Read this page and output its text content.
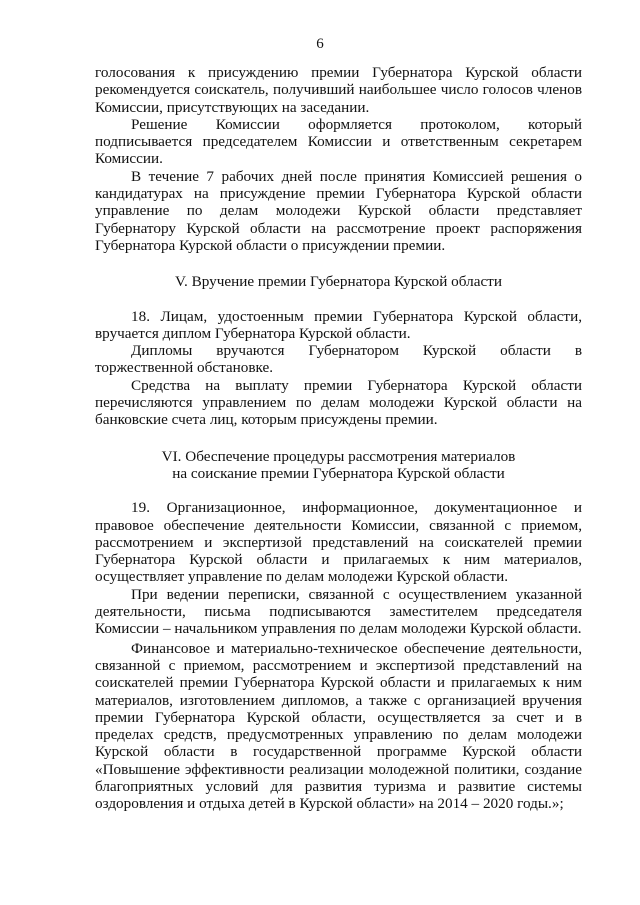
6

голосования к присуждению премии Губернатора Курской области рекомендуется соискатель, получивший наибольшее число голосов членов Комиссии, присутствующих на заседании.

Решение Комиссии оформляется протоколом, который подписывается председателем Комиссии и ответственным секретарем Комиссии.

В течение 7 рабочих дней после принятия Комиссией решения о кандидатурах на присуждение премии Губернатора Курской области управление по делам молодежи Курской области представляет Губернатору Курской области на рассмотрение проект распоряжения Губернатора Курской области о присуждении премии.

V. Вручение премии Губернатора Курской области

18. Лицам, удостоенным премии Губернатора Курской области, вручается диплом Губернатора Курской области.

Дипломы вручаются Губернатором Курской области в торжественной обстановке.

Средства на выплату премии Губернатора Курской области перечисляются управлением по делам молодежи Курской области на банковские счета лиц, которым присуждены премии.

VI. Обеспечение процедуры рассмотрения материалов

на соискание премии Губернатора Курской области

19. Организационное, информационное, документационное и правовое обеспечение деятельности Комиссии, связанной с приемом, рассмотрением и экспертизой представлений на соискателей премии Губернатора Курской области и прилагаемых к ним материалов, осуществляет управление по делам молодежи Курской области.

При ведении переписки, связанной с осуществлением указанной деятельности, письма подписываются заместителем председателя Комиссии – начальником управления по делам молодежи Курской области.

Финансовое и материально-техническое обеспечение деятельности, связанной с приемом, рассмотрением и экспертизой представлений на соискателей премии Губернатора Курской области и прилагаемых к ним материалов, изготовлением дипломов, а также с организацией вручения премии Губернатора Курской области, осуществляется за счет и в пределах средств, предусмотренных управлению по делам молодежи Курской области в государственной программе Курской области «Повышение эффективности реализации молодежной политики, создание благоприятных условий для развития туризма и развитие системы оздоровления и отдыха детей в Курской области» на 2014 – 2020 годы.»;
